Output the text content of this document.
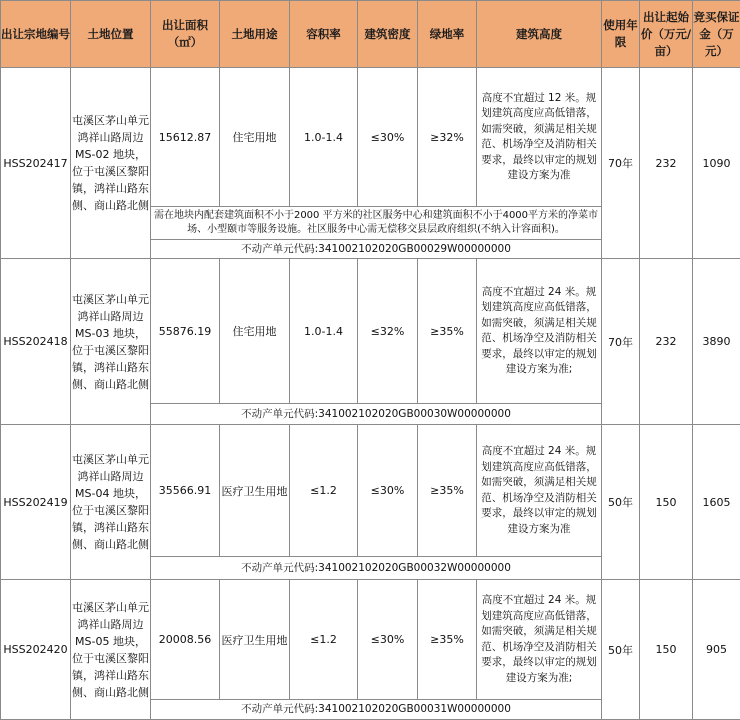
出让宗地编号	土地位置	出让面积（㎡）	土地用途	容积率	建筑密度	绿地率	建筑高度	使用年限	出让起始价（万元/亩）	竞买保证金（万元）
HSS202417	屯溪区茅山单元鸿祥山路周边 MS-02 地块，位于屯溪区黎阳镇，鸿祥山路东侧、商山路北侧	15612.87	住宅用地	1.0-1.4	≤30%	≥32%	高度不宜超过 12 米。规划建筑高度应高低错落，如需突破，须满足相关规范、机场净空及消防相关要求，最终以审定的规划建设方案为准	70年	232	1090
		需在地块内配套建筑面积不小于2000 平方米的社区服务中心和建筑面积不小于4000平方米的净菜市场、小型颐市等服务设施。社区服务中心需无偿移交县层政府组织(不纳入计容面积)。								
		不动产单元代码:341002102020GB00029W00000000								
HSS202418	屯溪区茅山单元鸿祥山路周边 MS-03 地块，位于屯溪区黎阳镇，鸿祥山路东侧、商山路北侧	55876.19	住宅用地	1.0-1.4	≤32%	≥35%	高度不宜超过 24 米。规划建筑高度应高低错落，如需突破，须满足相关规范、机场净空及消防相关要求，最终以审定的规划建设方案为准;	70年	232	3890
		不动产单元代码:341002102020GB00030W00000000								
HSS202419	屯溪区茅山单元鸿祥山路周边 MS-04 地块，位于屯溪区黎阳镇，鸿祥山路东侧、商山路北侧	35566.91	医疗卫生用地	≤1.2	≤30%	≥35%	高度不宜超过 24 米。规划建筑高度应高低错落，如需突破，须满足相关规范、机场净空及消防相关要求，最终以审定的规划建设方案为准	50年	150	1605
		不动产单元代码:341002102020GB00032W00000000								
HSS202420	屯溪区茅山单元鸿祥山路周边 MS-05 地块，位于屯溪区黎阳镇，鸿祥山路东侧、商山路北侧	20008.56	医疗卫生用地	≤1.2	≤30%	≥35%	高度不宜超过 24 米。规划建筑高度应高低错落，如需突破，须满足相关规范、机场净空及消防相关要求，最终以审定的规划建设方案为准;	50年	150	905
		不动产单元代码:341002102020GB00031W00000000								
